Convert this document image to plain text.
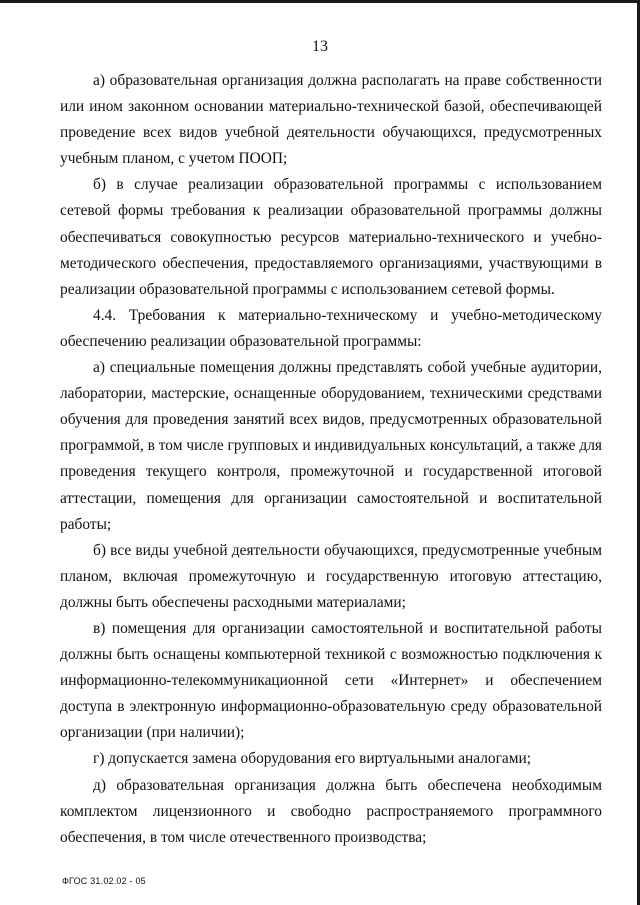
13

а) образовательная организация должна располагать на праве собственности или ином законном основании материально-технической базой, обеспечивающей проведение всех видов учебной деятельности обучающихся, предусмотренных учебным планом, с учетом ПООП;

б) в случае реализации образовательной программы с использованием сетевой формы требования к реализации образовательной программы должны обеспечиваться совокупностью ресурсов материально-технического и учебно-методического обеспечения, предоставляемого организациями, участвующими в реализации образовательной программы с использованием сетевой формы.

4.4. Требования к материально-техническому и учебно-методическому обеспечению реализации образовательной программы:

а) специальные помещения должны представлять собой учебные аудитории, лаборатории, мастерские, оснащенные оборудованием, техническими средствами обучения для проведения занятий всех видов, предусмотренных образовательной программой, в том числе групповых и индивидуальных консультаций, а также для проведения текущего контроля, промежуточной и государственной итоговой аттестации, помещения для организации самостоятельной и воспитательной работы;

б) все виды учебной деятельности обучающихся, предусмотренные учебным планом, включая промежуточную и государственную итоговую аттестацию, должны быть обеспечены расходными материалами;

в) помещения для организации самостоятельной и воспитательной работы должны быть оснащены компьютерной техникой с возможностью подключения к информационно-телекоммуникационной сети «Интернет» и обеспечением доступа в электронную информационно-образовательную среду образовательной организации (при наличии);

г) допускается замена оборудования его виртуальными аналогами;

д) образовательная организация должна быть обеспечена необходимым комплектом лицензионного и свободно распространяемого программного обеспечения, в том числе отечественного производства;

ФГОС 31.02.02 - 05
